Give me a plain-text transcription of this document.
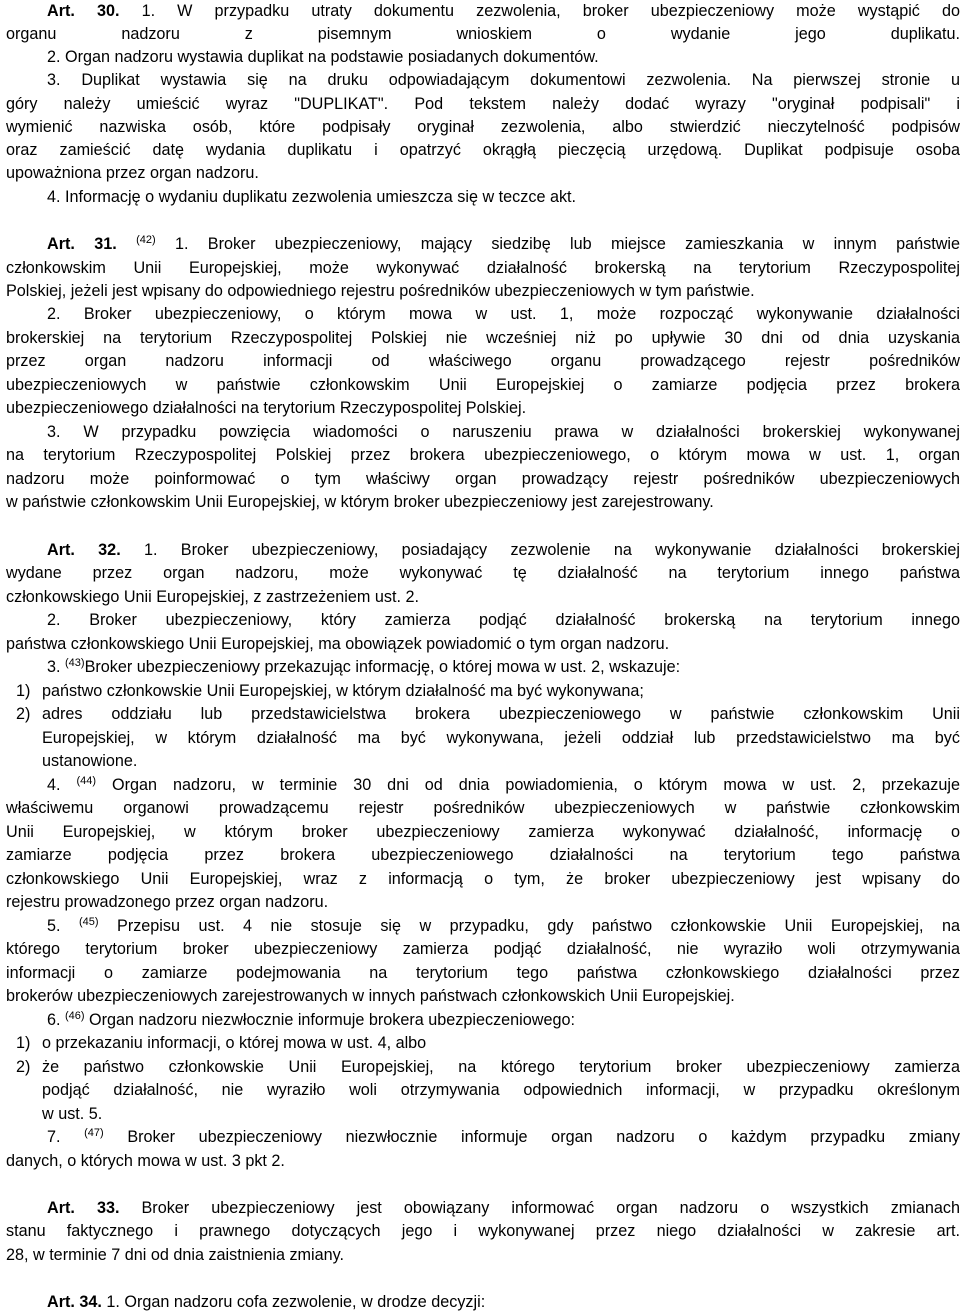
Art. 30. 1. W przypadku utraty dokumentu zezwolenia, broker ubezpieczeniowy może wystąpić do
organu nadzoru z pisemnym wnioskiem o wydanie jego duplikatu.
2. Organ nadzoru wystawia duplikat na podstawie posiadanych dokumentów.
3. Duplikat wystawia się na druku odpowiadającym dokumentowi zezwolenia. Na pierwszej stronie u
góry należy umieścić wyraz "DUPLIKAT". Pod tekstem należy dodać wyrazy "oryginał podpisali" i
wymienić nazwiska osób, które podpisały oryginał zezwolenia, albo stwierdzić nieczytelność podpisów
oraz zamieścić datę wydania duplikatu i opatrzyć okrągłą pieczęcią urzędową. Duplikat podpisuje osoba
upoważniona przez organ nadzoru.
4. Informację o wydaniu duplikatu zezwolenia umieszcza się w teczce akt.
Art. 31. $^{(42)}$ 1. Broker ubezpieczeniowy, mający siedzibę lub miejsce zamieszkania w innym państwie
członkowskim Unii Europejskiej, może wykonywać działalność brokerską na terytorium Rzeczypospolitej
Polskiej, jeżeli jest wpisany do odpowiedniego rejestru pośredników ubezpieczeniowych w tym państwie.
2. Broker ubezpieczeniowy, o którym mowa w ust. 1, może rozpocząć wykonywanie działalności
brokerskiej na terytorium Rzeczypospolitej Polskiej nie wcześniej niż po upływie 30 dni od dnia uzyskania
przez organ nadzoru informacji od właściwego organu prowadzącego rejestr pośredników
ubezpieczeniowych w państwie członkowskim Unii Europejskiej o zamiarze podjęcia przez brokera
ubezpieczeniowego działalności na terytorium Rzeczypospolitej Polskiej.
3. W przypadku powzięcia wiadomości o naruszeniu prawa w działalności brokerskiej wykonywanej
na terytorium Rzeczypospolitej Polskiej przez brokera ubezpieczeniowego, o którym mowa w ust. 1, organ
nadzoru może poinformować o tym właściwy organ prowadzący rejestr pośredników ubezpieczeniowych
w państwie członkowskim Unii Europejskiej, w którym broker ubezpieczeniowy jest zarejestrowany.
Art. 32. 1. Broker ubezpieczeniowy, posiadający zezwolenie na wykonywanie działalności brokerskiej
wydane przez organ nadzoru, może wykonywać tę działalność na terytorium innego państwa
członkowskiego Unii Europejskiej, z zastrzeżeniem ust. 2.
2. Broker ubezpieczeniowy, który zamierza podjąć działalność brokerską na terytorium innego
państwa członkowskiego Unii Europejskiej, ma obowiązek powiadomić o tym organ nadzoru.
3. $^{(43)}$Broker ubezpieczeniowy przekazując informację, o której mowa w ust. 2, wskazuje:
1) państwo członkowskie Unii Europejskiej, w którym działalność ma być wykonywana;
2) adres oddziału lub przedstawicielstwa brokera ubezpieczeniowego w państwie członkowskim Unii
Europejskiej, w którym działalność ma być wykonywana, jeżeli oddział lub przedstawicielstwo ma być
ustanowione.
4. $^{(44)}$ Organ nadzoru, w terminie 30 dni od dnia powiadomienia, o którym mowa w ust. 2, przekazuje
właściwemu organowi prowadzącemu rejestr pośredników ubezpieczeniowych w państwie członkowskim
Unii Europejskiej, w którym broker ubezpieczeniowy zamierza wykonywać działalność, informację o
zamiarze podjęcia przez brokera ubezpieczeniowego działalności na terytorium tego państwa
członkowskiego Unii Europejskiej, wraz z informacją o tym, że broker ubezpieczeniowy jest wpisany do
rejestru prowadzonego przez organ nadzoru.
5. $^{(45)}$ Przepisu ust. 4 nie stosuje się w przypadku, gdy państwo członkowskie Unii Europejskiej, na
którego terytorium broker ubezpieczeniowy zamierza podjąć działalność, nie wyraziło woli otrzymywania
informacji o zamiarze podejmowania na terytorium tego państwa członkowskiego działalności przez
brokerów ubezpieczeniowych zarejestrowanych w innych państwach członkowskich Unii Europejskiej.
6. $^{(46)}$ Organ nadzoru niezwłocznie informuje brokera ubezpieczeniowego:
1) o przekazaniu informacji, o której mowa w ust. 4, albo
2) że państwo członkowskie Unii Europejskiej, na którego terytorium broker ubezpieczeniowy zamierza
podjąć działalność, nie wyraziło woli otrzymywania odpowiednich informacji, w przypadku określonym
w ust. 5.
7. $^{(47)}$ Broker ubezpieczeniowy niezwłocznie informuje organ nadzoru o każdym przypadku zmiany
danych, o których mowa w ust. 3 pkt 2.
Art. 33. Broker ubezpieczeniowy jest obowiązany informować organ nadzoru o wszystkich zmianach
stanu faktycznego i prawnego dotyczących jego i wykonywanej przez niego działalności w zakresie art.
28, w terminie 7 dni od dnia zaistnienia zmiany.
Art. 34. 1. Organ nadzoru cofa zezwolenie, w drodze decyzji:
